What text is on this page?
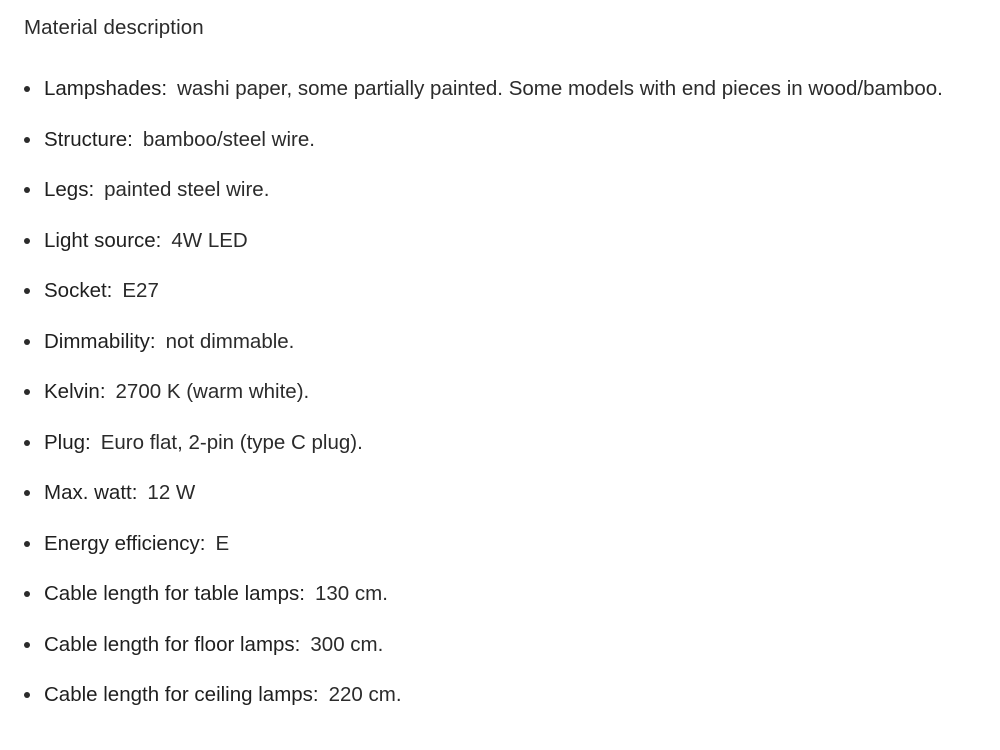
Material description
Lampshades: washi paper, some partially painted. Some models with end pieces in wood/bamboo.
Structure: bamboo/steel wire.
Legs: painted steel wire.
Light source: 4W LED
Socket: E27
Dimmability: not dimmable.
Kelvin: 2700 K (warm white).
Plug: Euro flat, 2-pin (type C plug).
Max. watt: 12 W
Energy efficiency: E
Cable length for table lamps: 130 cm.
Cable length for floor lamps: 300 cm.
Cable length for ceiling lamps: 220 cm.
